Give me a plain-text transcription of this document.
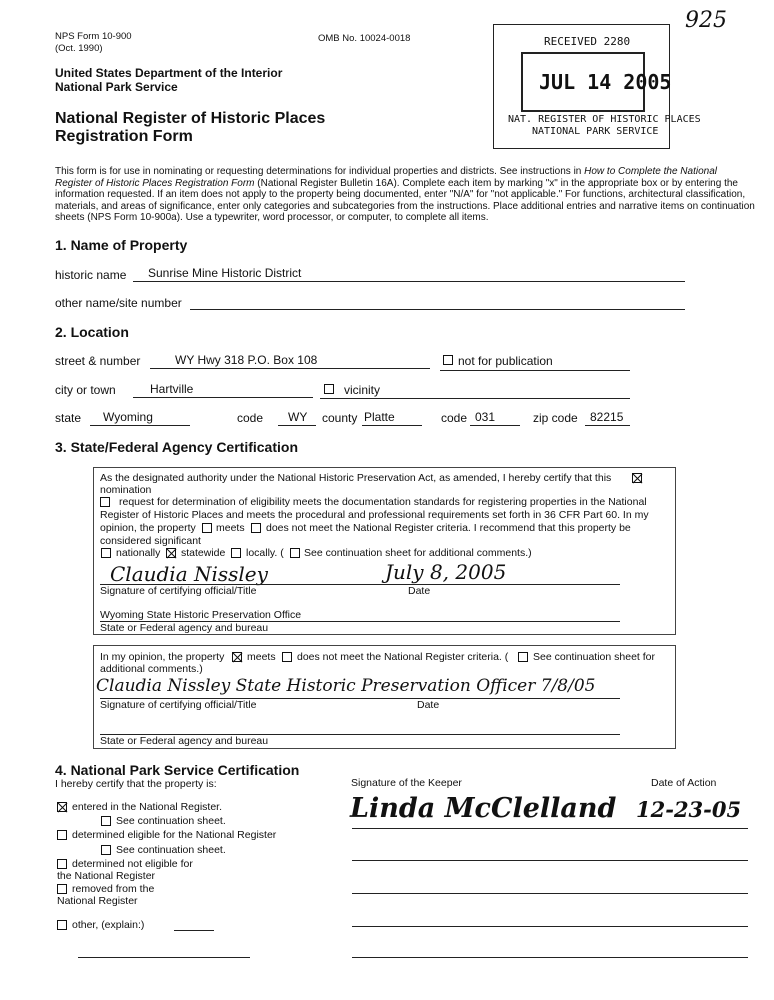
NPS Form 10-900
(Oct. 1990)
OMB No. 10024-0018
United States Department of the Interior
National Park Service
National Register of Historic Places
Registration Form
925
RECEIVED 2280
JUL 14 2005
NAT. REGISTER OF HISTORIC PLACES
NATIONAL PARK SERVICE
This form is for use in nominating or requesting determinations for individual properties and districts. See instructions in How to Complete the National Register of Historic Places Registration Form (National Register Bulletin 16A). Complete each item by marking "x" in the appropriate box or by entering the information requested. If an item does not apply to the property being documented, enter "N/A" for "not applicable." For functions, architectural classification, materials, and areas of significance, enter only categories and subcategories from the instructions. Place additional entries and narrative items on continuation sheets (NPS Form 10-900a). Use a typewriter, word processor, or computer, to complete all items.
1. Name of Property
historic name Sunrise Mine Historic District
other name/site number
2. Location
street & number	WY Hwy 318 P.O. Box 108	not for publication
city or town	Hartville	vicinity
state Wyoming	code WY county Platte	code 031	zip code 82215
3. State/Federal Agency Certification
As the designated authority under the National Historic Preservation Act, as amended, I hereby certify that this
nomination
request for determination of eligibility meets the documentation standards for registering properties in the National
Register of Historic Places and meets the procedural and professional requirements set forth in 36 CFR Part 60. In my
opinion, the property meets does not meet the National Register criteria. I recommend that this property be
considered significant
nationally statewide locally. ( See continuation sheet for additional comments.)
Claudia Nissley	July 8, 2005
Signature of certifying official/Title	Date
Wyoming State Historic Preservation Office
State or Federal agency and bureau
In my opinion, the property meets does not meet the National Register criteria. ( See continuation sheet for
additional comments.)
Claudia Nissley State Historic Preservation Officer 7/8/05
Signature of certifying official/Title	Date
State or Federal agency and bureau
4. National Park Service Certification
I hereby certify that the property is:	Signature of the Keeper	Date of Action
entered in the National Register.
See continuation sheet.
determined eligible for the National Register
See continuation sheet.
determined not eligible for
the National Register
removed from the
National Register
other, (explain:)
Linda McClelland 12-23-05
